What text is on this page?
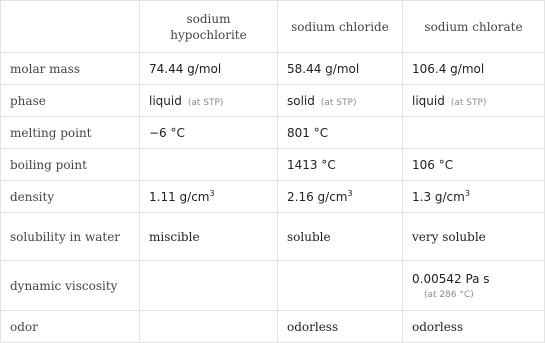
	sodium hypochlorite	sodium chloride	sodium chlorate
molar mass	74.44 g/mol	58.44 g/mol	106.4 g/mol
phase	liquid (at STP)	solid (at STP)	liquid (at STP)
melting point	−6 °C	801 °C	
boiling point		1413 °C	106 °C
density	1.11 $g/cm^3$	2.16 $g/cm^3$	1.3 $g/cm^3$
solubility in water	miscible	soluble	very soluble
dynamic viscosity			0.00542 Pa s
(at 286 °C)

odor		odorless	odorless
